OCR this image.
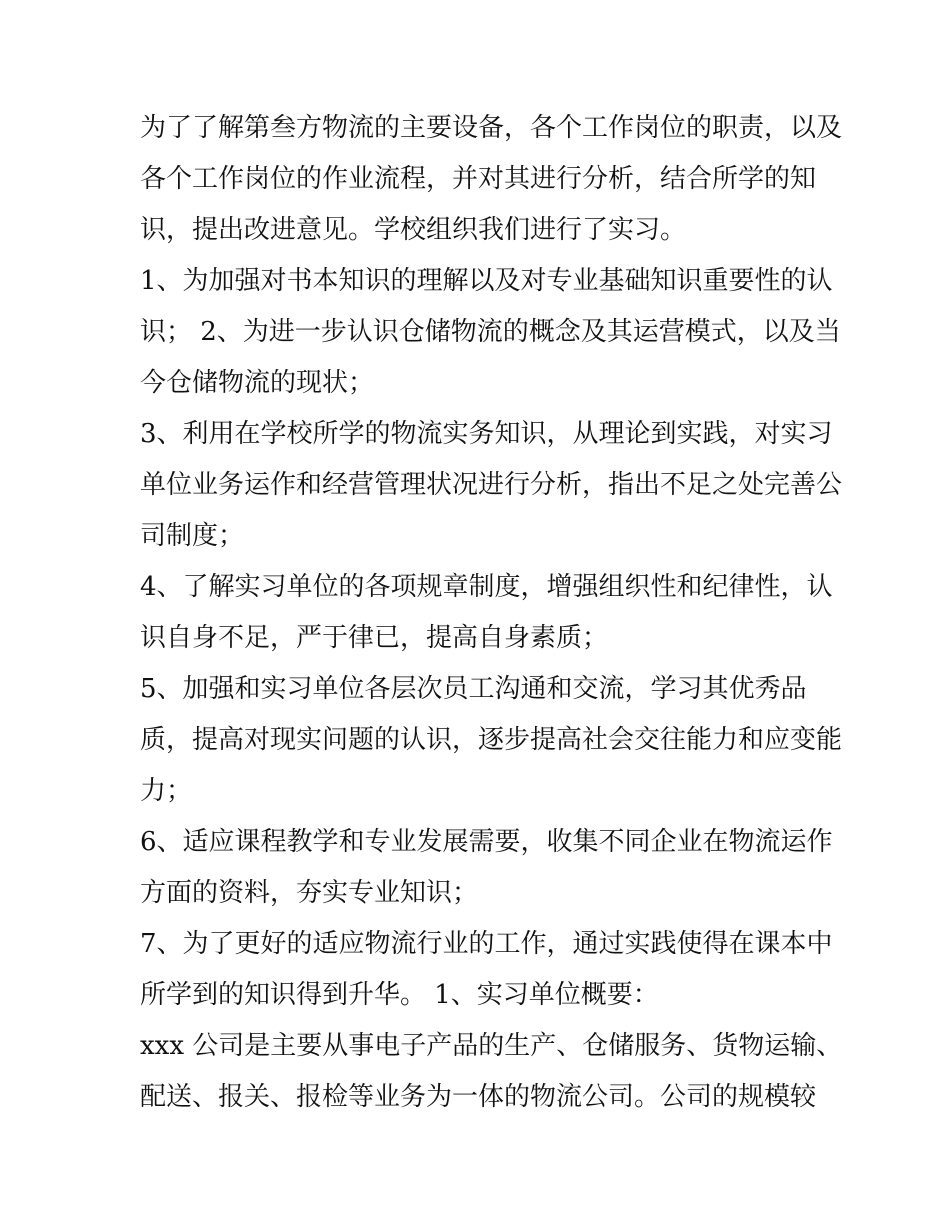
为了了解第叁方物流的主要设备，各个工作岗位的职责，以及
各个工作岗位的作业流程，并对其进行分析，结合所学的知
识，提出改进意见。学校组织我们进行了实习。

1、为加强对书本知识的理解以及对专业基础知识重要性的认
识； 2、为进一步认识仓储物流的概念及其运营模式，以及当
今仓储物流的现状；

3、利用在学校所学的物流实务知识，从理论到实践，对实习
单位业务运作和经营管理状况进行分析，指出不足之处完善公
司制度；

4、了解实习单位的各项规章制度，增强组织性和纪律性，认
识自身不足，严于律已，提高自身素质；

5、加强和实习单位各层次员工沟通和交流，学习其优秀品
质，提高对现实问题的认识，逐步提高社会交往能力和应变能
力；

6、适应课程教学和专业发展需要，收集不同企业在物流运作
方面的资料，夯实专业知识；

7、为了更好的适应物流行业的工作，通过实践使得在课本中
所学到的知识得到升华。 1、实习单位概要：

xxx 公司是主要从事电子产品的生产、仓储服务、货物运输、
配送、报关、报检等业务为一体的物流公司。公司的规模较
